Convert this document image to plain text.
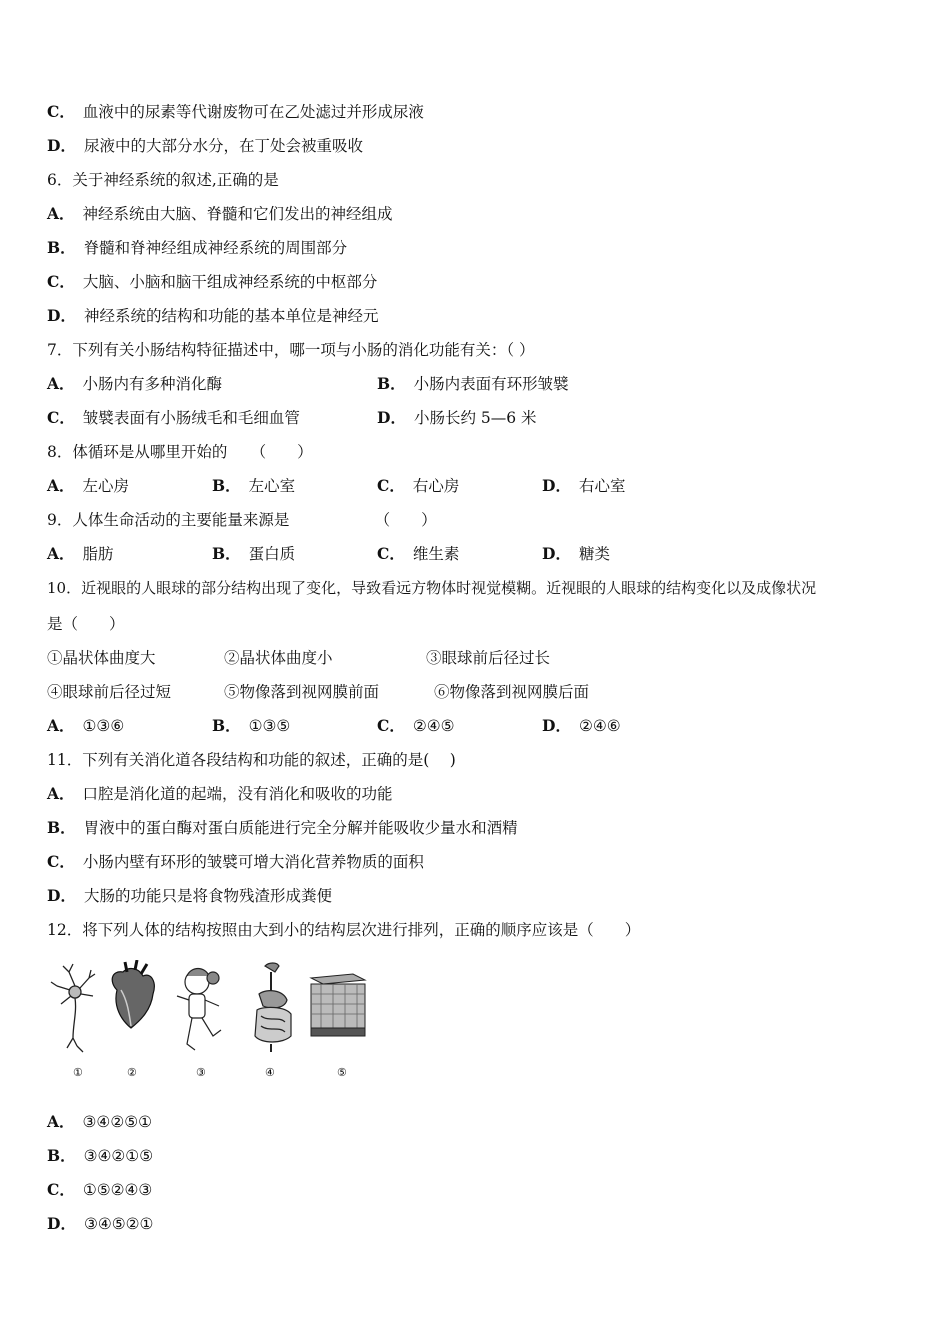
C． 血液中的尿素等代谢废物可在乙处滤过并形成尿液
D． 尿液中的大部分水分，在丁处会被重吸收
6．关于神经系统的叙述,正确的是
A． 神经系统由大脑、脊髓和它们发出的神经组成
B． 脊髓和脊神经组成神经系统的周围部分
C． 大脑、小脑和脑干组成神经系统的中枢部分
D． 神经系统的结构和功能的基本单位是神经元
7．下列有关小肠结构特征描述中，哪一项与小肠的消化功能有关：（ ）
A． 小肠内有多种消化酶	B． 小肠内表面有环形皱襞
C． 皱襞表面有小肠绒毛和毛细血管	D． 小肠长约 5—6 米
8．体循环是从哪里开始的　　（　　）
A． 左心房	B． 左心室	C． 右心房	D． 右心室
9．人体生命活动的主要能量来源是　　　　　　（　　）
A． 脂肪	B． 蛋白质	C． 维生素	D． 糖类
10．近视眼的人眼球的部分结构出现了变化，导致看远方物体时视觉模糊。近视眼的人眼球的结构变化以及成像状况
是（　　）
①晶状体曲度大	②晶状体曲度小	③眼球前后径过长
④眼球前后径过短	⑤物像落到视网膜前面	⑥物像落到视网膜后面
A． ①③⑥	B． ①③⑤	C． ②④⑤	D． ②④⑥
11．下列有关消化道各段结构和功能的叙述，正确的是(　 )
A． 口腔是消化道的起端，没有消化和吸收的功能
B． 胃液中的蛋白酶对蛋白质能进行完全分解并能吸收少量水和酒精
C． 小肠内壁有环形的皱襞可增大消化营养物质的面积
D． 大肠的功能只是将食物残渣形成粪便
12．将下列人体的结构按照由大到小的结构层次进行排列，正确的顺序应该是（　　）
①	②	③	④	⑤
A． ③④②⑤①
B． ③④②①⑤
C． ①⑤②④③
D． ③④⑤②①
